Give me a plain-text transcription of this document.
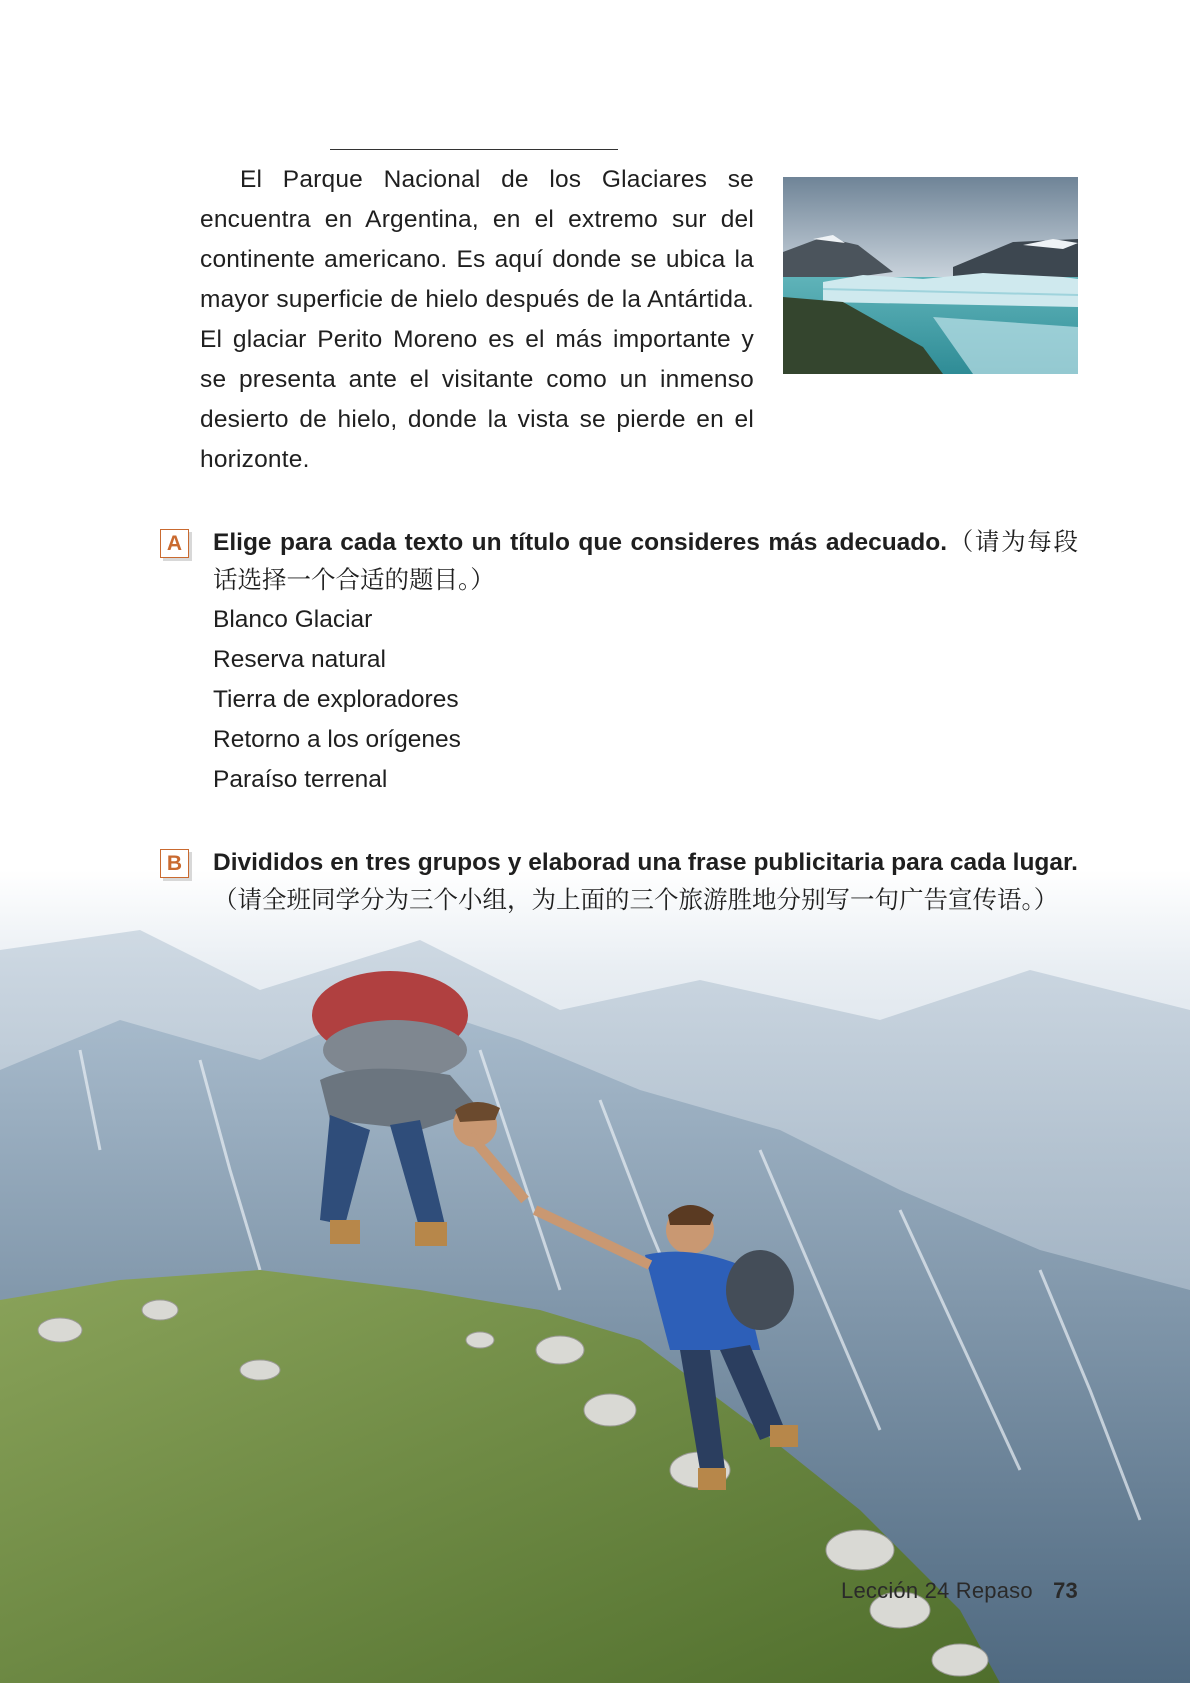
El Parque Nacional de los Glaciares se encuentra en Argentina, en el extremo sur del continente americano. Es aquí donde se ubica la mayor superficie de hielo después de la Antártida. El glaciar Perito Moreno es el más importante y se presenta ante el visitante como un inmenso desierto de hielo, donde la vista se pierde en el horizonte.

A Elige para cada texto un título que consideres más adecuado.（请为每段话选择一个合适的题目。）

Blanco Glaciar

Reserva natural

Tierra de exploradores

Retorno a los orígenes

Paraíso terrenal

B Divididos en tres grupos y elaborad una frase publicitaria para cada lugar.（请全班同学分为三个小组，为上面的三个旅游胜地分别写一句广告宣传语。）

Lección 24 Repaso 73
